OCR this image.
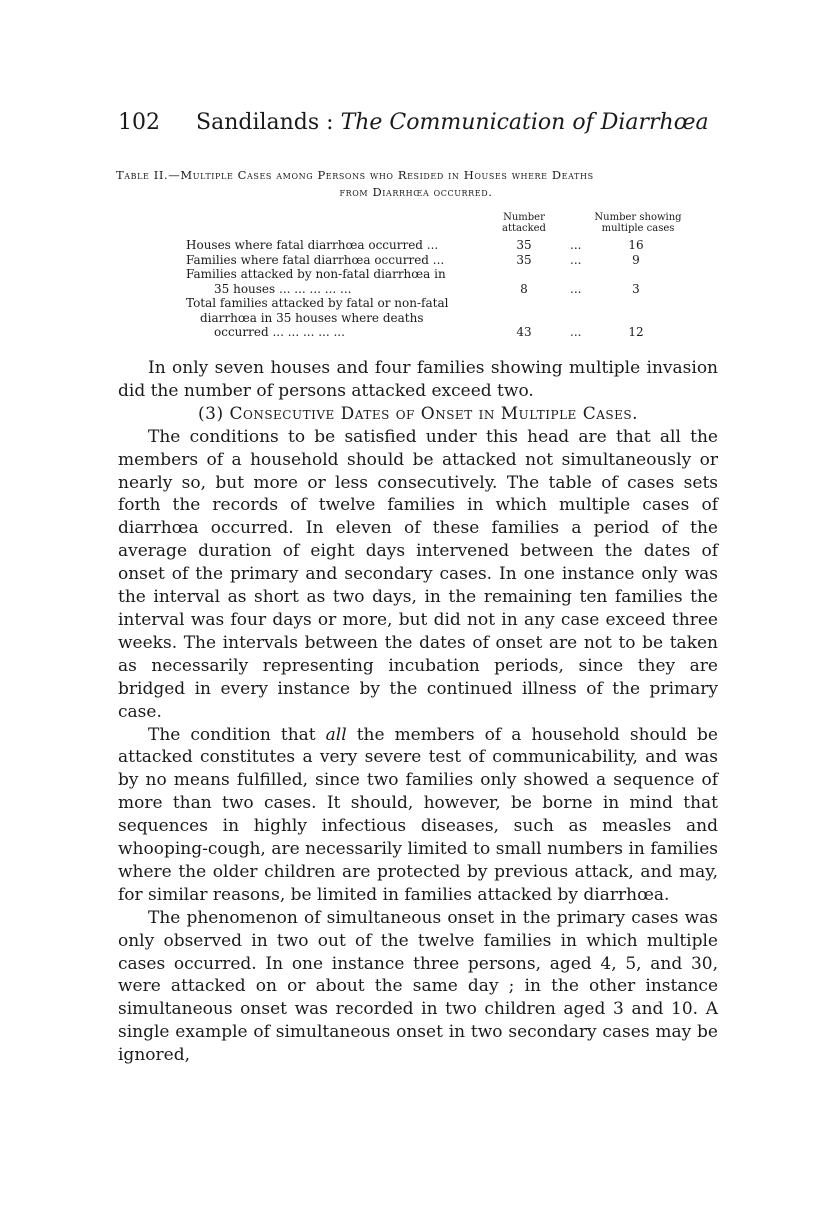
102 Sandilands : The Communication of Diarrhœa
Table II.—Multiple Cases among Persons who Resided in Houses where Deaths
from Diarrhœa occurred.
Number
attacked
Number showing
multiple cases
Houses where fatal diarrhœa occurred ...	35	...	16
Families where fatal diarrhœa occurred ...	35	...	9
Families attacked by non-fatal diarrhœa in
35 houses ... ... ... ... ...	8	...	3
Total families attacked by fatal or non-fatal
diarrhœa in 35 houses where deaths
occurred ... ... ... ... ...	43	...	12

In only seven houses and four families showing multiple invasion did the number of persons attacked exceed two.

(3) Consecutive Dates of Onset in Multiple Cases.

The conditions to be satisfied under this head are that all the members of a household should be attacked not simultaneously or nearly so, but more or less consecutively. The table of cases sets forth the records of twelve families in which multiple cases of diarrhœa occurred. In eleven of these families a period of the average duration of eight days intervened between the dates of onset of the primary and secondary cases. In one instance only was the interval as short as two days, in the remaining ten families the interval was four days or more, but did not in any case exceed three weeks. The intervals between the dates of onset are not to be taken as necessarily representing incubation periods, since they are bridged in every instance by the continued illness of the primary case.

The condition that all the members of a household should be attacked constitutes a very severe test of communicability, and was by no means fulfilled, since two families only showed a sequence of more than two cases. It should, however, be borne in mind that sequences in highly infectious diseases, such as measles and whooping-cough, are necessarily limited to small numbers in families where the older children are protected by previous attack, and may, for similar reasons, be limited in families attacked by diarrhœa.

The phenomenon of simultaneous onset in the primary cases was only observed in two out of the twelve families in which multiple cases occurred. In one instance three persons, aged 4, 5, and 30, were attacked on or about the same day ; in the other instance simultaneous onset was recorded in two children aged 3 and 10. A single example of simultaneous onset in two secondary cases may be ignored,
